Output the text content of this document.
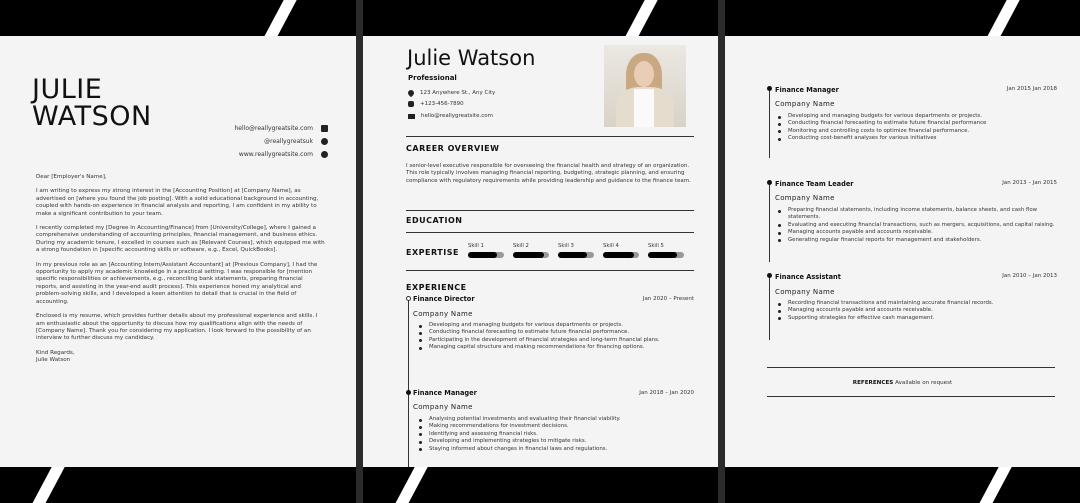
JULIE
WATSON	hello@reallygreatsite.com
@reallygreatsuk
www.reallygreatsite.com

Dear [Employer's Name],

I am writing to express my strong interest in the [Accounting Position] at [Company Name], as advertised on [where you found the job posting]. With a solid educational background in accounting, coupled with hands-on experience in financial analysis and reporting, I am confident in my ability to make a significant contribution to your team.

I recently completed my [Degree in Accounting/Finance] from [University/College], where I gained a comprehensive understanding of accounting principles, financial management, and business ethics. During my academic tenure, I excelled in courses such as [Relevant Courses], which equipped me with a strong foundation in [specific accounting skills or software, e.g., Excel, QuickBooks].

In my previous role as an [Accounting Intern/Assistant Accountant] at [Previous Company], I had the opportunity to apply my academic knowledge in a practical setting. I was responsible for [mention specific responsibilities or achievements, e.g., reconciling bank statements, preparing financial reports, and assisting in the year-end audit process]. This experience honed my analytical and problem-solving skills, and I developed a keen attention to detail that is crucial in the field of accounting.

Enclosed is my resume, which provides further details about my professional experience and skills. I am enthusiastic about the opportunity to discuss how my qualifications align with the needs of [Company Name]. Thank you for considering my application. I look forward to the possibility of an interview to further discuss my candidacy.

Kind Regards,
Julie Watson

Julie Watson
Professional
123 Anywhere St., Any City
+123-456-7890
hello@reallygreatsite.com
CAREER OVERVIEW
I senior-level executive responsible for overseeing the financial health and strategy of an organization. This role typically involves managing financial reporting, budgeting, strategic planning, and ensuring compliance with regulatory requirements while providing leadership and guidance to the finance team.
EDUCATION
EXPERTISE
Skill 1	Skill 2	Skill 3	Skill 4	Skill 5
EXPERIENCE
Finance Director	Jan 2020 – Present
Company Name
Developing and managing budgets for various departments or projects.
Conducting financial forecasting to estimate future financial performance.
Participating in the development of financial strategies and long-term financial plans.
Managing capital structure and making recommendations for financing options.
Finance Manager	Jan 2018 – Jan 2020
Company Name
Analysing potential investments and evaluating their financial viability.
Making recommendations for investment decisions.
Identifying and assessing financial risks.
Developing and implementing strategies to mitigate risks.
Staying informed about changes in financial laws and regulations.
Finance Manager	Jan 2015 Jan 2018
Company Name
Developing and managing budgets for various departments or projects.
Conducting financial forecasting to estimate future financial performance
Monitoring and controlling costs to optimize financial performance.
Conducting cost-benefit analyses for various initiatives
Finance Team Leader	Jan 2013 – Jan 2015
Company Name
Preparing financial statements, including income statements, balance sheets, and cash flow statements.
Evaluating and executing financial transactions, such as mergers, acquisitions, and capital raising.
Managing accounts payable and accounts receivable.
Generating regular financial reports for management and stakeholders.
Finance Assistant	Jan 2010 – Jan 2013
Company Name
Recording financial transactions and maintaining accurate financial records.
Managing accounts payable and accounts receivable.
Supporting strategies for effective cash management.
REFERENCES Available on request
